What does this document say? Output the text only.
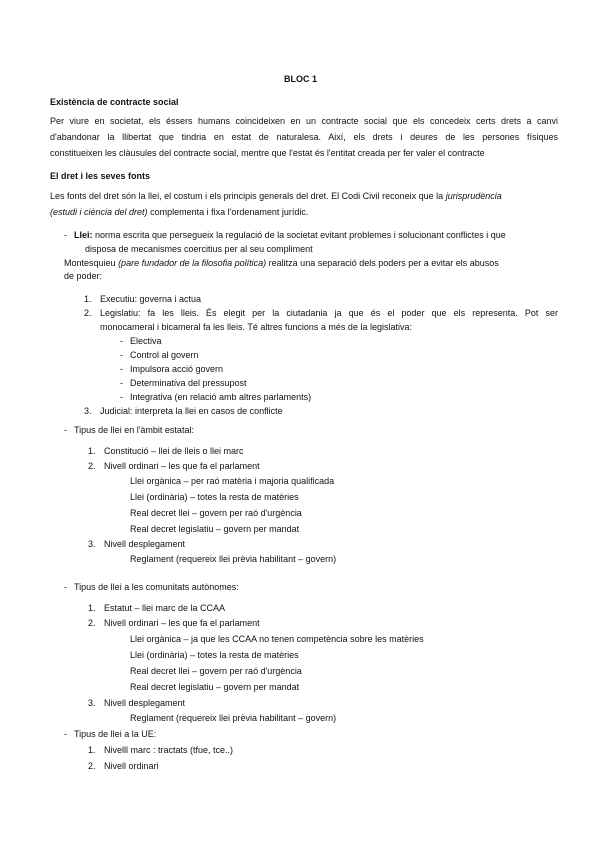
BLOC 1
Existència de contracte social
Per viure en societat, els éssers humans coincideixen en un contracte social que els concedeix certs drets a canvi
d'abandonar la llibertat que tindria en estat de naturalesa. Així, els drets i deures de les persones físiques
constitueixen les clàusules del contracte social, mentre que l'estat és l'entitat creada per fer valer el contracte
El dret i les seves fonts
Les fonts del dret són la llei, el costum i els principis generals del dret. El Codi Civil reconeix que la jurisprudència
(estudi i ciència del dret) complementa i fixa l'ordenament jurídic.
- Llei: norma escrita que persegueix la regulació de la societat evitant problemes i solucionant conflictes i que
disposa de mecanismes coercitius per al seu compliment
Montesquieu (pare fundador de la filosofia política) realitza una separació dels poders per a evitar els abusos
de poder:
1. Executiu: governa i actua
2. Legislatiu: fa les lleis. És elegit per la ciutadania ja que és el poder que els representa. Pot ser
monocameral i bicameral fa les lleis. Té altres funcions a més de la legislativa:
- Electiva
- Control al govern
- Impulsora acció govern
- Determinativa del pressupost
- Integrativa (en relació amb altres parlaments)
3. Judicial: interpreta la llei en casos de conflicte
- Tipus de llei en l'àmbit estatal:
1. Constitució – llei de lleis o llei marc
2. Nivell ordinari – les que fa el parlament
Llei orgànica – per raó matèria i majoria qualificada
Llei (ordinària) – totes la resta de matèries
Real decret llei – govern per raó d'urgència
Real decret legislatiu – govern per mandat
3. Nivell desplegament
Reglament (requereix llei prèvia habilitant – govern)
- Tipus de llei a les comunitats autònomes:
1. Estatut – llei marc de la CCAA
2. Nivell ordinari – les que fa el parlament
Llei orgànica – ja que les CCAA no tenen competència sobre les matèries
Llei (ordinària) – totes la resta de matèries
Real decret llei – govern per raó d'urgència
Real decret legislatiu – govern per mandat
3. Nivell desplegament
Reglament (requereix llei prèvia habilitant – govern)
- Tipus de llei a la UE:
1. Nivelll marc : tractats (tfue, tce..)
2. Nivell ordinari
